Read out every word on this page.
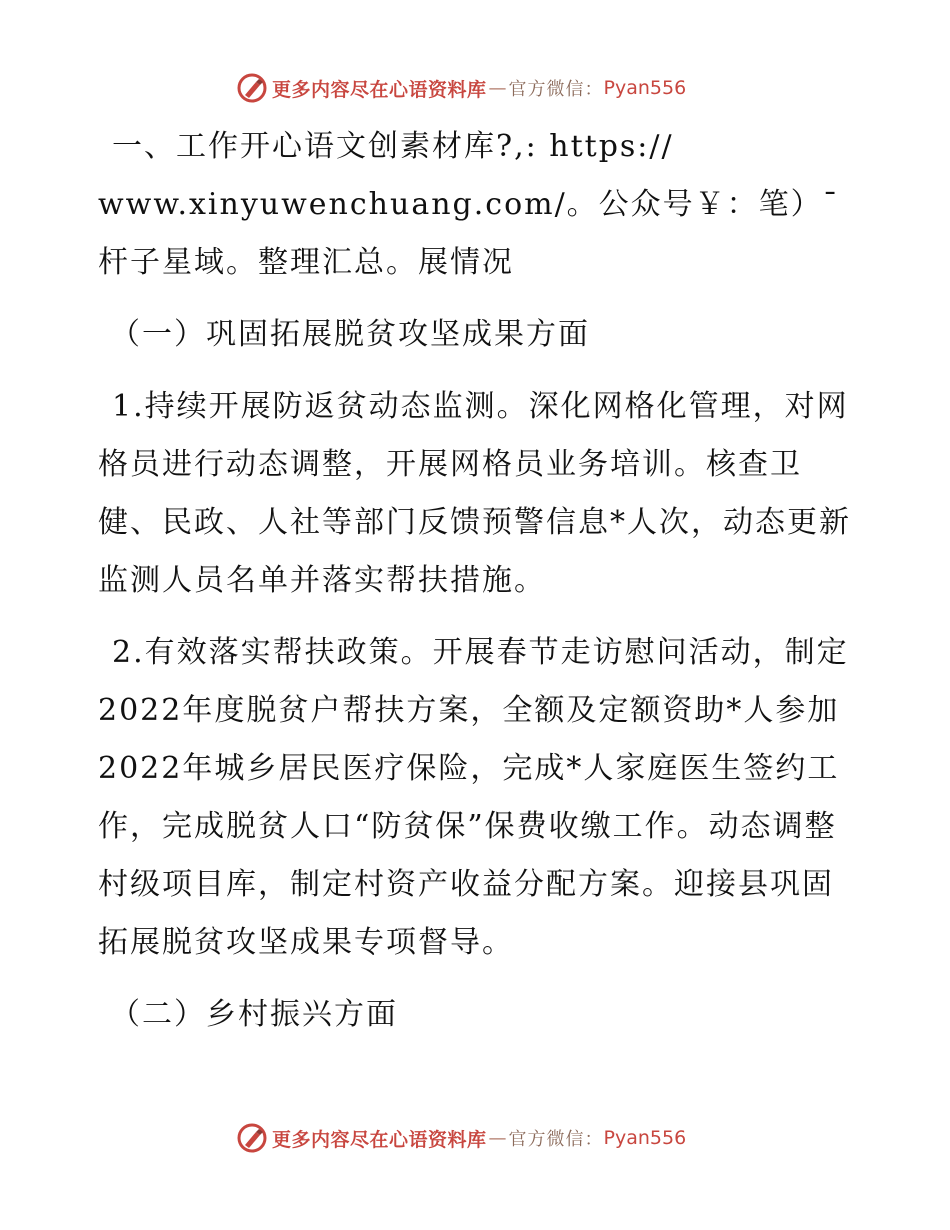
更多内容尽在心语资料库 — 官方微信： Pyan556

一、工作开心语文创素材库?,: https:// www.xinyuwenchuang.com/。公众号￥：笔）¯杆子星域。整理汇总。展情况

（一）巩固拓展脱贫攻坚成果方面

1.持续开展防返贫动态监测。深化网格化管理，对网格员进行动态调整，开展网格员业务培训。核查卫健、民政、人社等部门反馈预警信息*人次，动态更新监测人员名单并落实帮扶措施。

2.有效落实帮扶政策。开展春节走访慰问活动，制定2022年度脱贫户帮扶方案，全额及定额资助*人参加2022年城乡居民医疗保险，完成*人家庭医生签约工作，完成脱贫人口“防贫保”保费收缴工作。动态调整村级项目库，制定村资产收益分配方案。迎接县巩固拓展脱贫攻坚成果专项督导。

（二）乡村振兴方面

更多内容尽在心语资料库 — 官方微信： Pyan556
